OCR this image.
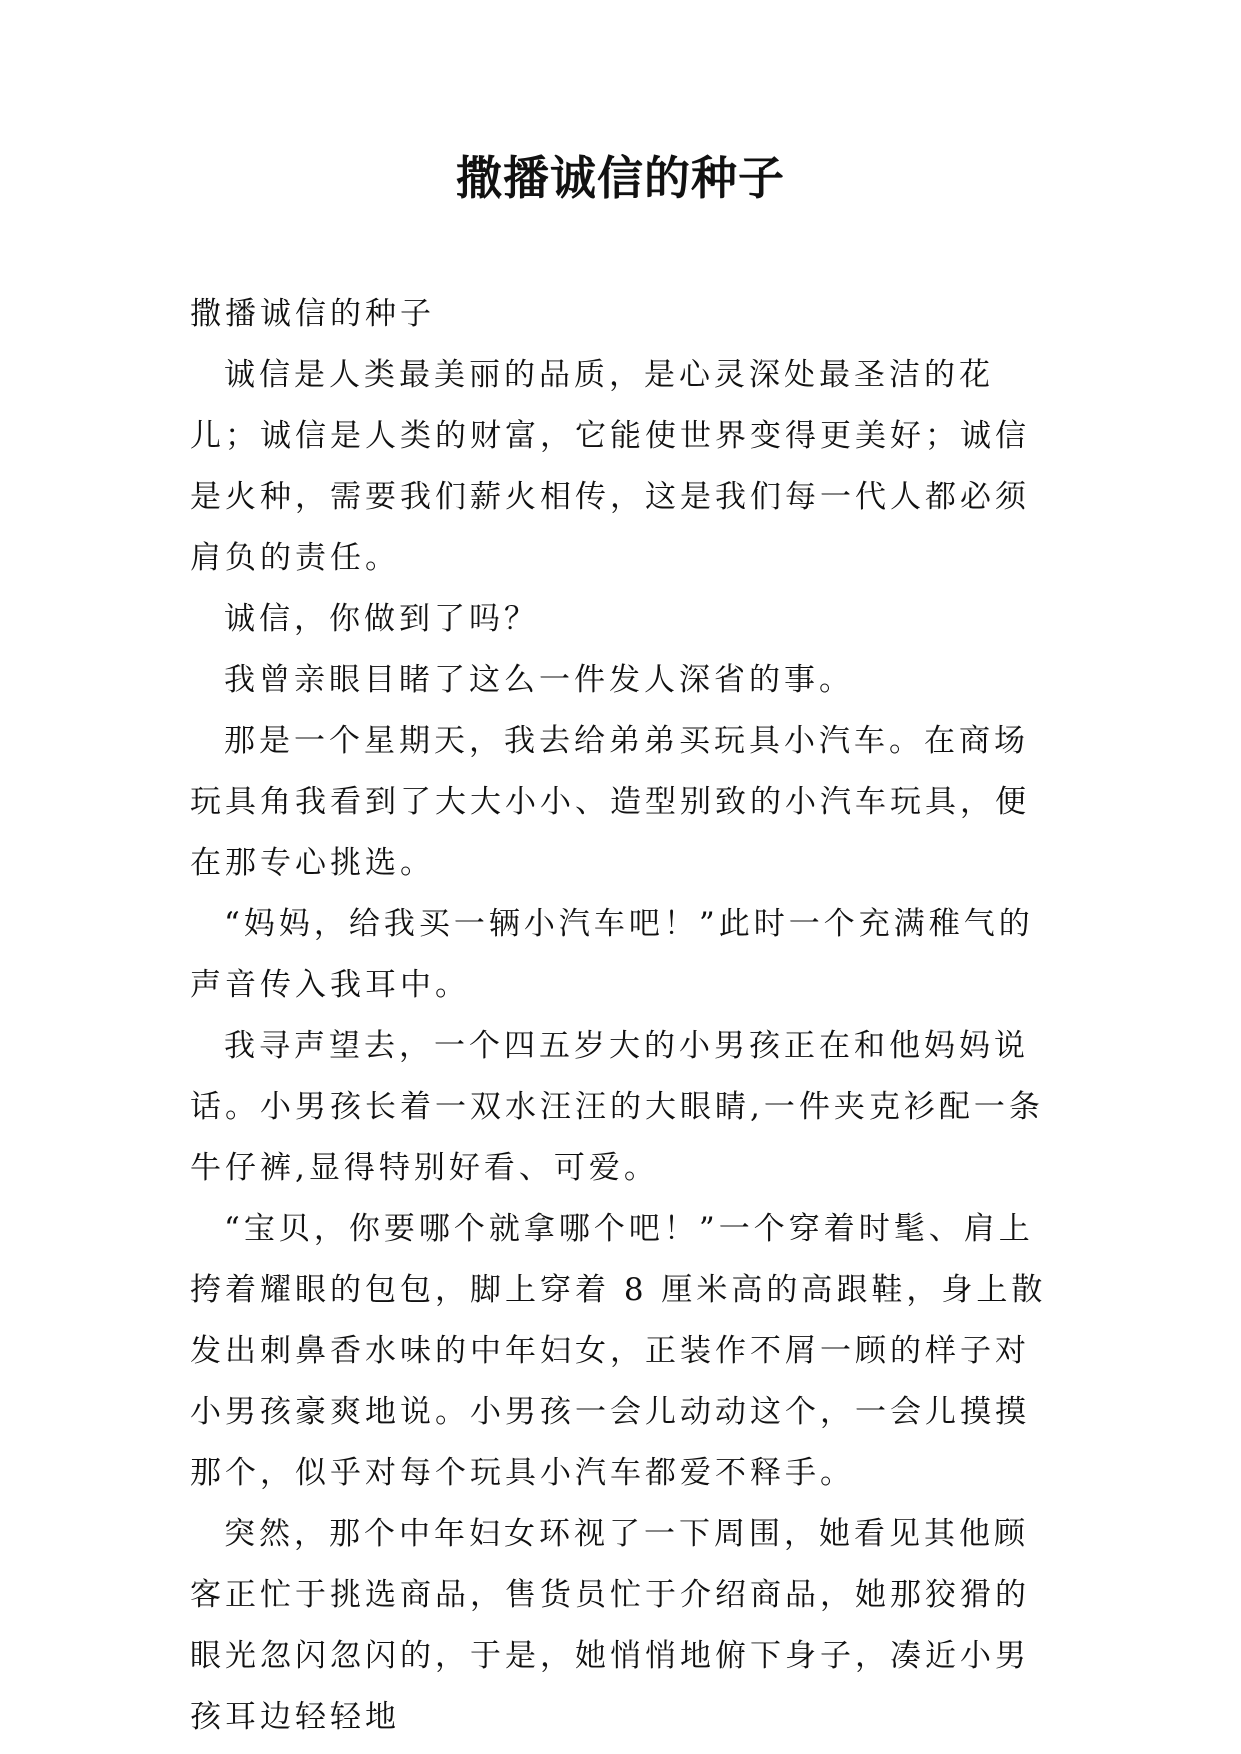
撒播诚信的种子

撒播诚信的种子

诚信是人类最美丽的品质，是心灵深处最圣洁的花儿；诚信是人类的财富，它能使世界变得更美好；诚信是火种，需要我们薪火相传，这是我们每一代人都必须肩负的责任。

诚信，你做到了吗？

我曾亲眼目睹了这么一件发人深省的事。

那是一个星期天，我去给弟弟买玩具小汽车。在商场玩具角我看到了大大小小、造型别致的小汽车玩具，便在那专心挑选。

“妈妈，给我买一辆小汽车吧！”此时一个充满稚气的声音传入我耳中。

我寻声望去，一个四五岁大的小男孩正在和他妈妈说话。小男孩长着一双水汪汪的大眼睛,一件夹克衫配一条牛仔裤,显得特别好看、可爱。

“宝贝，你要哪个就拿哪个吧！”一个穿着时髦、肩上挎着耀眼的包包，脚上穿着 8 厘米高的高跟鞋，身上散发出刺鼻香水味的中年妇女，正装作不屑一顾的样子对小男孩豪爽地说。小男孩一会儿动动这个，一会儿摸摸那个，似乎对每个玩具小汽车都爱不释手。

突然，那个中年妇女环视了一下周围，她看见其他顾客正忙于挑选商品，售货员忙于介绍商品，她那狡猾的眼光忽闪忽闪的，于是，她悄悄地俯下身子，凑近小男孩耳边轻轻地
